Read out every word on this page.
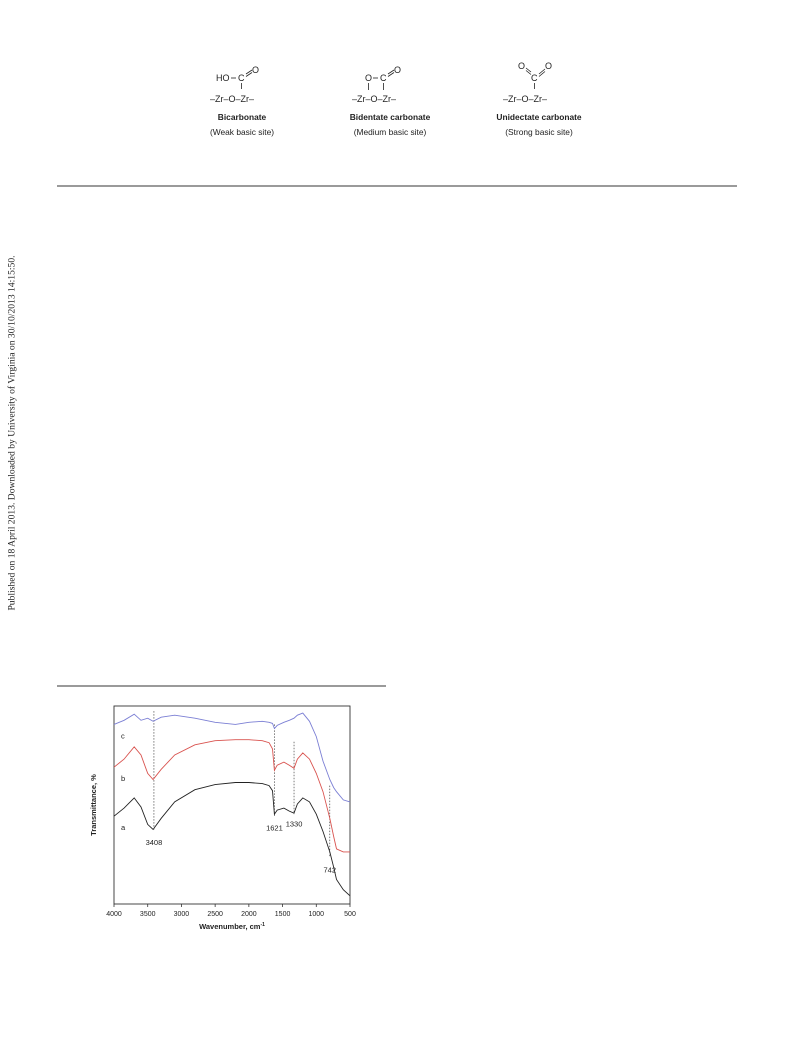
Published on 18 April 2013. Downloaded by University of Virginia on 30/10/2013 14:15:50.
HO C
O
–Zr–O–Zr–
Bicarbonate
(Weak basic site)
O C
O
–Zr–O–Zr–
Bidentate carbonate
(Medium basic site)
O
C
O
–Zr–O–Zr–
Unidectate carbonate
(Strong basic site)
4000	3500	3000	2500	2000	1500	1000	500
a
b
c
3408
1621 1330
742
Wavenumber, $cm^{-1}$
Transmittance, %
